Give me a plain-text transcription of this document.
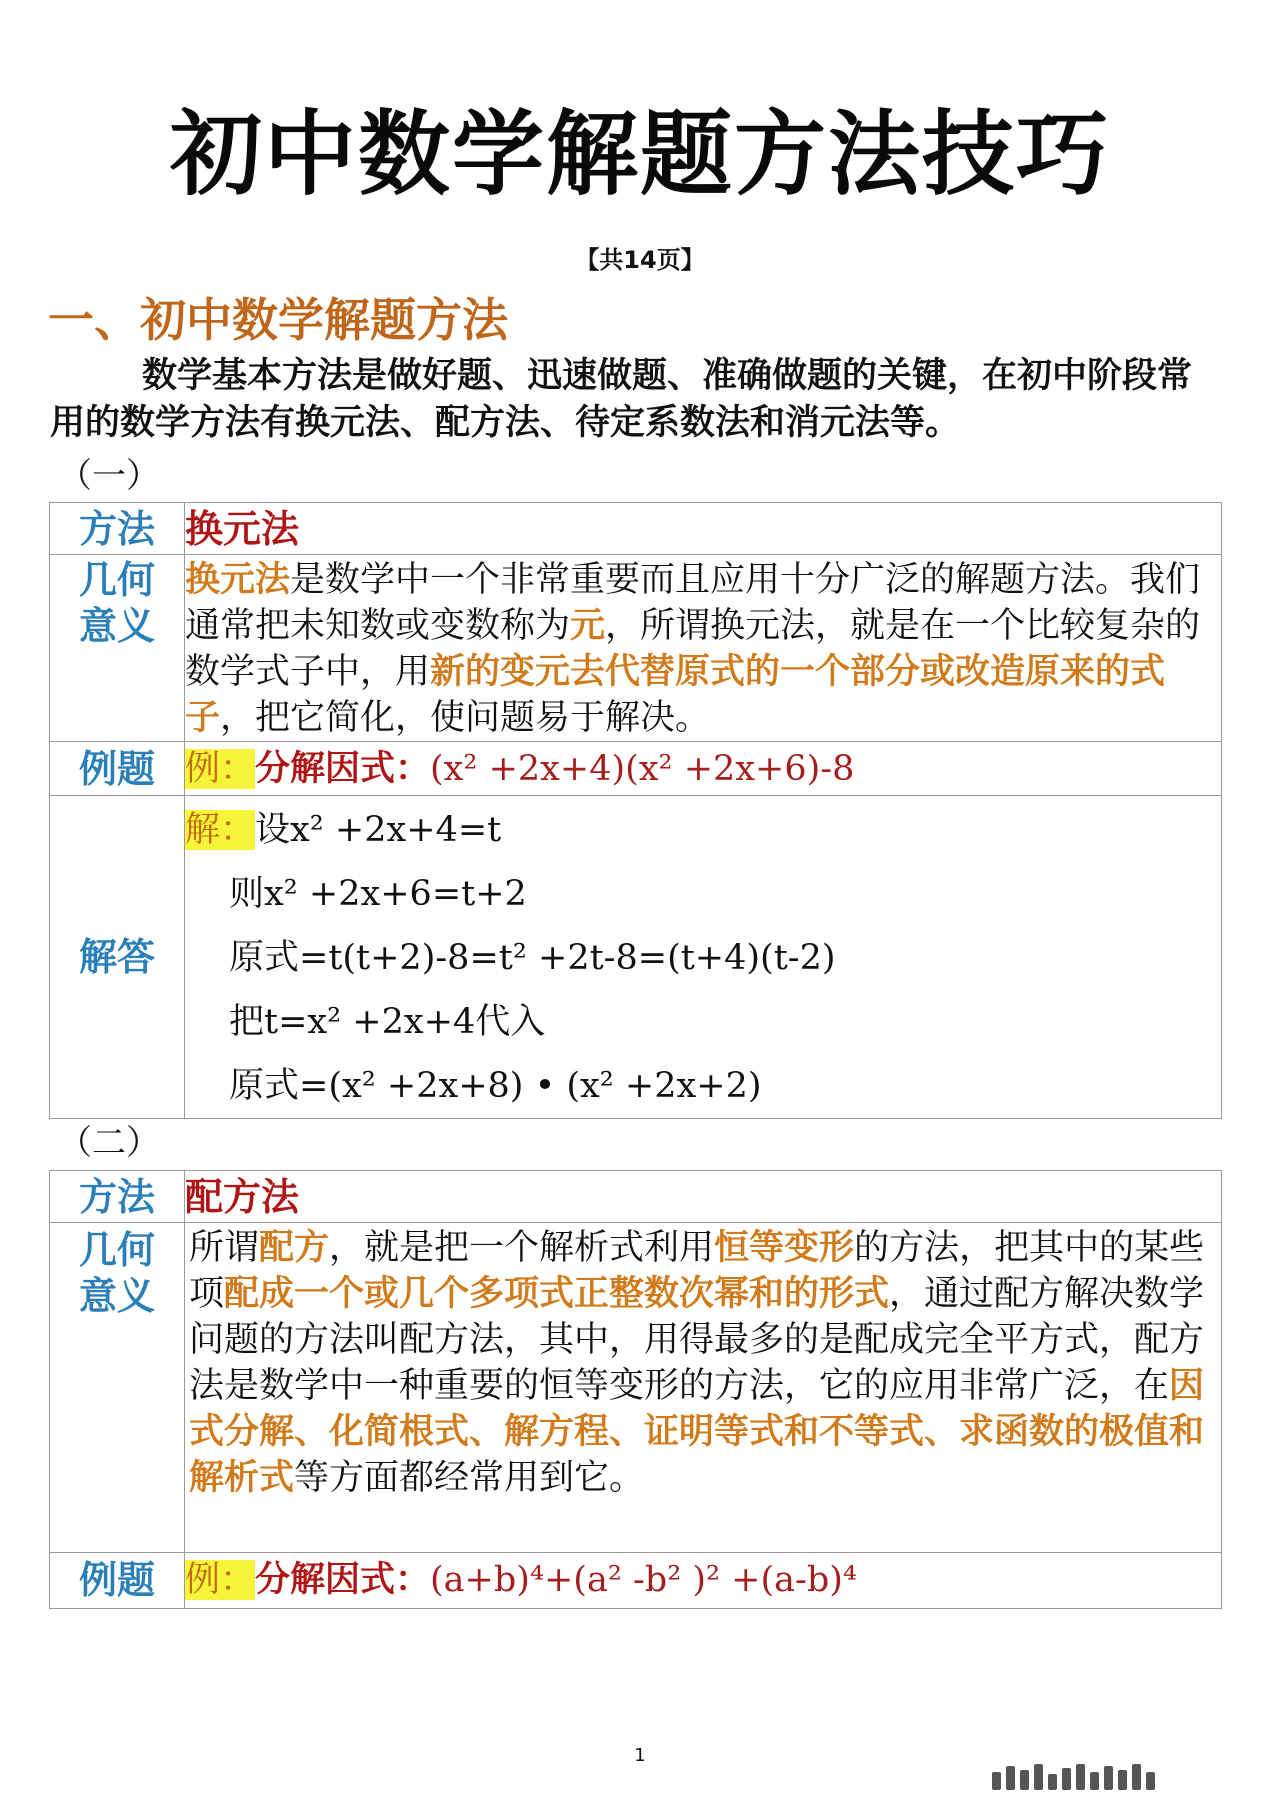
初中数学解题方法技巧
【共14页】
一、初中数学解题方法
数学基本方法是做好题、迅速做题、准确做题的关键，在初中阶段常用的数学方法有换元法、配方法、待定系数法和消元法等。
（一）
方法	换元法

几何
意义	换元法是数学中一个非常重要而且应用十分广泛的解题方法。我们通常把未知数或变数称为元，所谓换元法，就是在一个比较复杂的数学式子中，用新的变元去代替原式的一个部分或改造原来的式子，把它简化，使问题易于解决。
例题	例：分解因式：(x² +2x+4)(x² +2x+6)-8
解答	解：设x² +2x+4=t
则x² +2x+6=t+2
原式=t(t+2)-8=t² +2t-8=(t+4)(t-2)
把t=x² +2x+4代入
原式=(x² +2x+8) • (x² +2x+2)
（二）
方法	配方法

几何
意义	所谓配方，就是把一个解析式利用恒等变形的方法，把其中的某些项配成一个或几个多项式正整数次幂和的形式，通过配方解决数学问题的方法叫配方法，其中，用得最多的是配成完全平方式，配方法是数学中一种重要的恒等变形的方法，它的应用非常广泛，在因式分解、化简根式、解方程、证明等式和不等式、求函数的极值和解析式等方面都经常用到它。
例题	例：分解因式：(a+b)⁴+(a² -b² )² +(a-b)⁴
1
